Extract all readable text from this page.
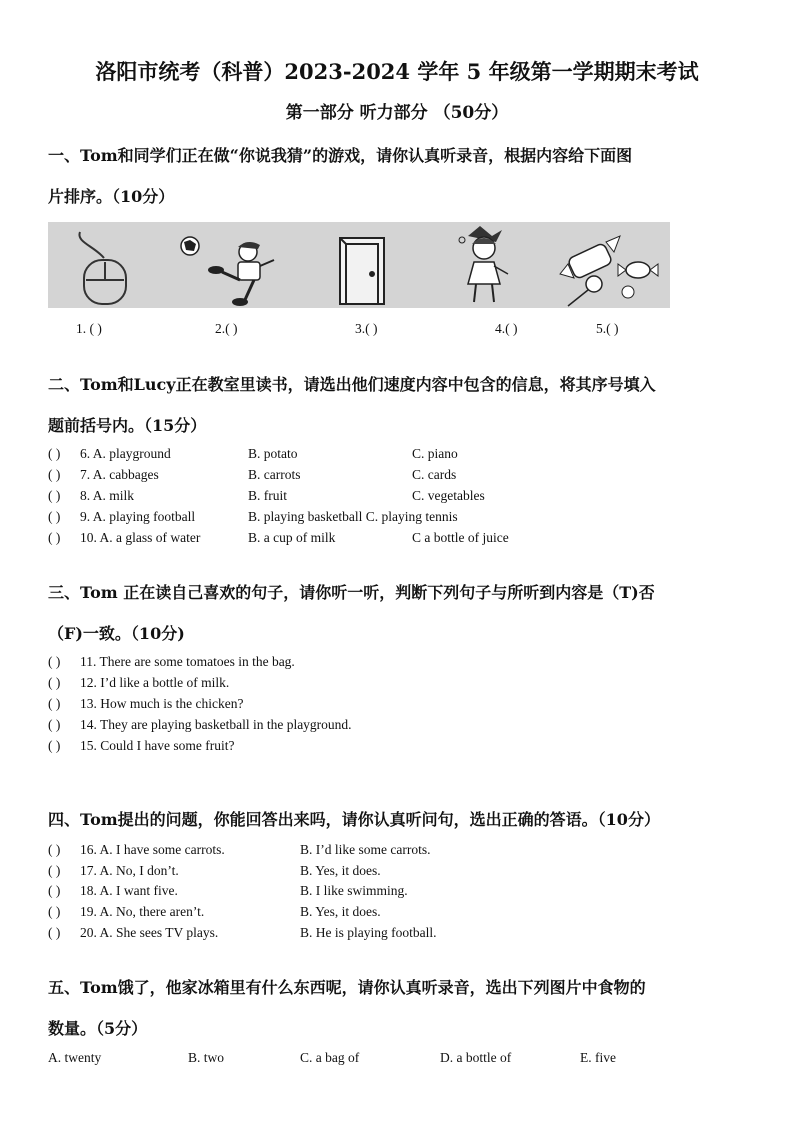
洛阳市统考（科普）2023-2024 学年 5 年级第一学期期末考试
第一部分 听力部分 （50分）
一、Tom和同学们正在做“你说我猜”的游戏，请你认真听录音，根据内容给下面图
片排序。（10分）
1. ( )	2.( )	3.( )	4.( )	5.( )
二、Tom和Lucy正在教室里读书，请选出他们速度内容中包含的信息，将其序号填入
题前括号内。（15分）
( ) 6. A. playground	B. potato	C. piano
( ) 7. A. cabbages	B. carrots	C. cards
( ) 8. A. milk	B. fruit	C. vegetables
( ) 9. A. playing football	B. playing basketball C. playing tennis
( ) 10. A. a glass of water	B. a cup of milk	C a bottle of juice
三、Tom 正在读自己喜欢的句子，请你听一听，判断下列句子与所听到内容是（T)否
（F)一致。（10分)
( ) 11. There are some tomatoes in the bag.
( ) 12. I’d like a bottle of milk.
( ) 13. How much is the chicken?
( ) 14. They are playing basketball in the playground.
( ) 15. Could I have some fruit?
四、Tom提出的问题，你能回答出来吗，请你认真听问句，选出正确的答语。（10分）
( ) 16. A. I have some carrots.	B. I’d like some carrots.
( ) 17. A. No, I don’t.	B. Yes, it does.
( ) 18. A. I want five.	B. I like swimming.
( ) 19. A. No, there aren’t.	B. Yes, it does.
( ) 20. A. She sees TV plays.	B. He is playing football.
五、Tom饿了，他家冰箱里有什么东西呢，请你认真听录音，选出下列图片中食物的
数量。（5分）
A. twenty	B. two	C. a bag of	D. a bottle of	E. five
